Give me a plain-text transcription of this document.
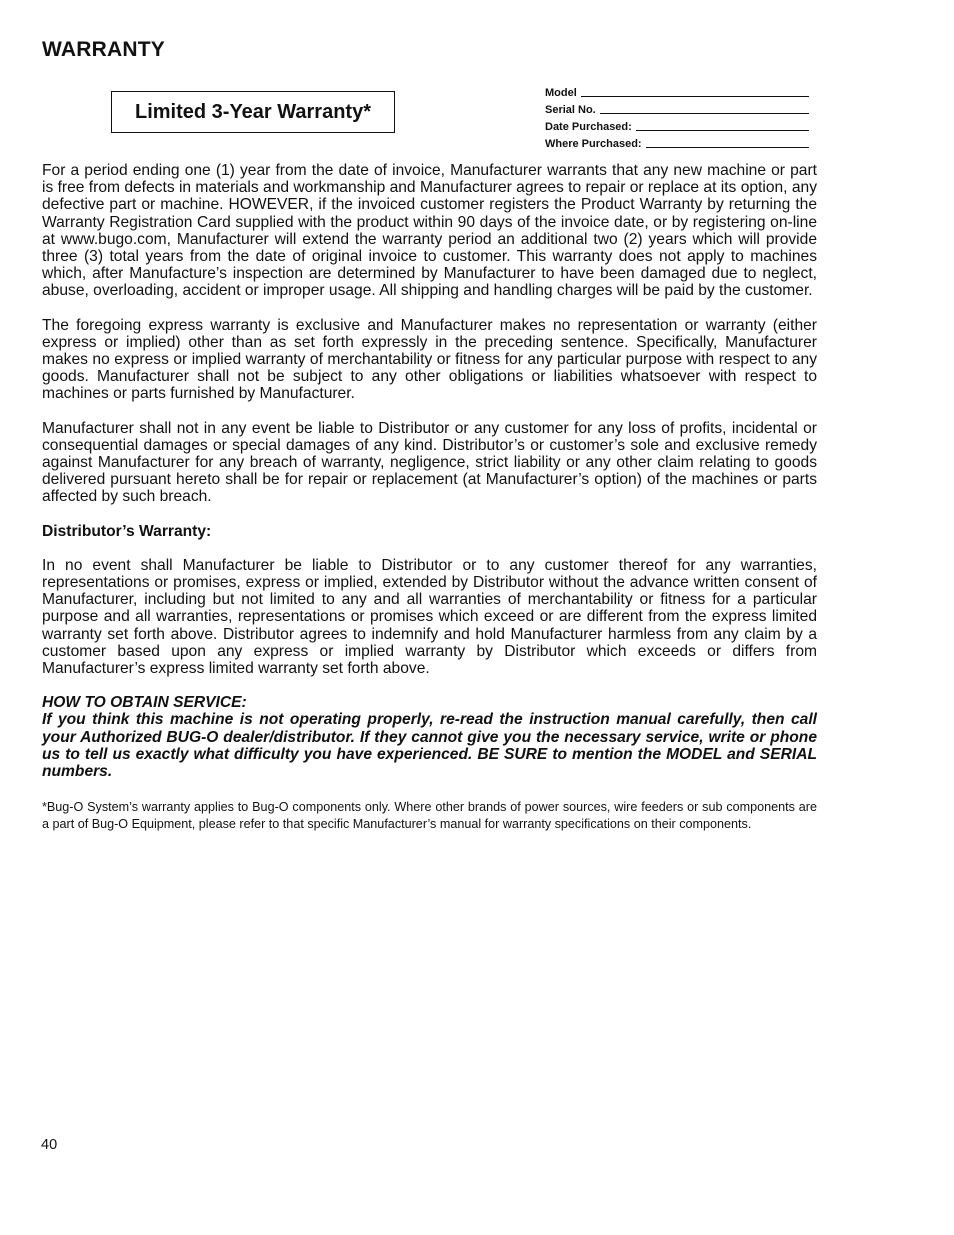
WARRANTY
Limited 3-Year Warranty*
Model
Serial No.
Date Purchased:
Where Purchased:

For a period ending one (1) year from the date of invoice, Manufacturer warrants that any new machine or part is free from defects in materials and workmanship and Manufacturer agrees to repair or replace at its option, any defective part or machine. HOWEVER, if the invoiced customer registers the Product Warranty by returning the Warranty Registration Card supplied with the product within 90 days of the invoice date, or by registering on-line at www.bugo.com, Manufacturer will extend the warranty period an additional two (2) years which will provide three (3) total years from the date of original invoice to customer. This warranty does not apply to machines which, after Manufacture’s inspection are determined by Manufacturer to have been damaged due to neglect, abuse, overloading, accident or improper usage. All shipping and handling charges will be paid by the customer.

The foregoing express warranty is exclusive and Manufacturer makes no representation or warranty (either express or implied) other than as set forth expressly in the preceding sentence. Specifically, Manufacturer makes no express or implied warranty of merchantability or fitness for any particular purpose with respect to any goods. Manufacturer shall not be subject to any other obligations or liabilities whatsoever with respect to machines or parts furnished by Manufacturer.

Manufacturer shall not in any event be liable to Distributor or any customer for any loss of profits, incidental or consequential damages or special damages of any kind. Distributor’s or customer’s sole and exclusive remedy against Manufacturer for any breach of warranty, negligence, strict liability or any other claim relating to goods delivered pursuant hereto shall be for repair or replacement (at Manufacturer’s option) of the machines or parts affected by such breach.

Distributor’s Warranty:

In no event shall Manufacturer be liable to Distributor or to any customer thereof for any warranties, representations or promises, express or implied, extended by Distributor without the advance written consent of Manufacturer, including but not limited to any and all warranties of merchantability or fitness for a particular purpose and all warranties, representations or promises which exceed or are different from the express limited warranty set forth above. Distributor agrees to indemnify and hold Manufacturer harmless from any claim by a customer based upon any express or implied warranty by Distributor which exceeds or differs from Manufacturer’s express limited warranty set forth above.

HOW TO OBTAIN SERVICE:
If you think this machine is not operating properly, re-read the instruction manual carefully, then call your Authorized BUG-O dealer/distributor. If they cannot give you the necessary service, write or phone us to tell us exactly what difficulty you have experienced. BE SURE to mention the MODEL and SERIAL numbers.
*Bug-O System’s warranty applies to Bug-O components only. Where other brands of power sources, wire feeders or sub components are a part of Bug-O Equipment, please refer to that specific Manufacturer’s manual for warranty specifications on their components.
40
